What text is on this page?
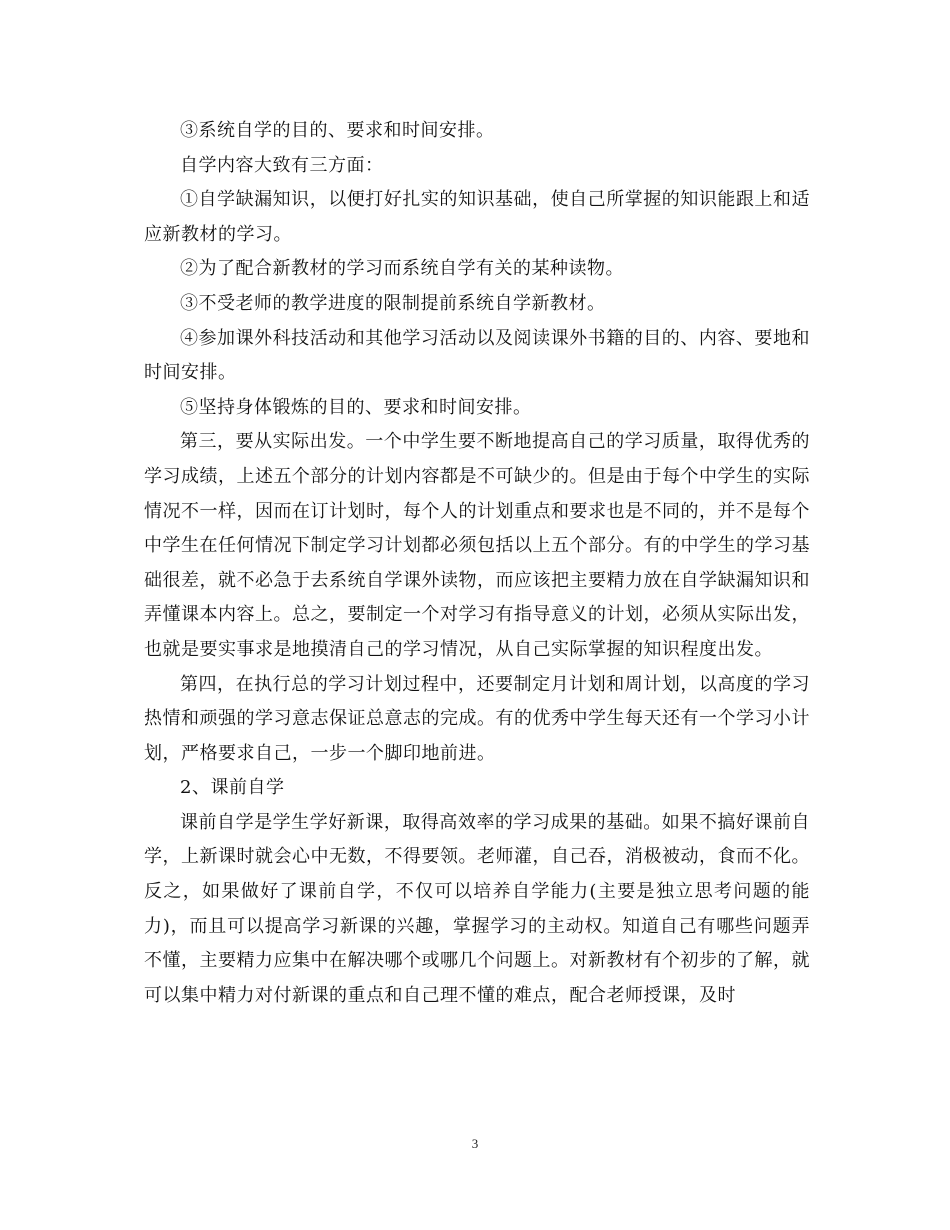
③系统自学的目的、要求和时间安排。

自学内容大致有三方面：

①自学缺漏知识，以便打好扎实的知识基础，使自己所掌握的知识能跟上和适应新教材的学习。

②为了配合新教材的学习而系统自学有关的某种读物。

③不受老师的教学进度的限制提前系统自学新教材。

④参加课外科技活动和其他学习活动以及阅读课外书籍的目的、内容、要地和时间安排。

⑤坚持身体锻炼的目的、要求和时间安排。

第三，要从实际出发。一个中学生要不断地提高自己的学习质量，取得优秀的学习成绩，上述五个部分的计划内容都是不可缺少的。但是由于每个中学生的实际情况不一样，因而在订计划时，每个人的计划重点和要求也是不同的，并不是每个中学生在任何情况下制定学习计划都必须包括以上五个部分。有的中学生的学习基础很差，就不必急于去系统自学课外读物，而应该把主要精力放在自学缺漏知识和弄懂课本内容上。总之，要制定一个对学习有指导意义的计划，必须从实际出发，也就是要实事求是地摸清自己的学习情况，从自己实际掌握的知识程度出发。

第四，在执行总的学习计划过程中，还要制定月计划和周计划，以高度的学习热情和顽强的学习意志保证总意志的完成。有的优秀中学生每天还有一个学习小计划，严格要求自己，一步一个脚印地前进。

2、课前自学

课前自学是学生学好新课，取得高效率的学习成果的基础。如果不搞好课前自学，上新课时就会心中无数，不得要领。老师灌，自己吞，消极被动，食而不化。反之，如果做好了课前自学，不仅可以培养自学能力(主要是独立思考问题的能力)，而且可以提高学习新课的兴趣，掌握学习的主动权。知道自己有哪些问题弄不懂，主要精力应集中在解决哪个或哪几个问题上。对新教材有个初步的了解，就可以集中精力对付新课的重点和自己理不懂的难点，配合老师授课，及时

3
